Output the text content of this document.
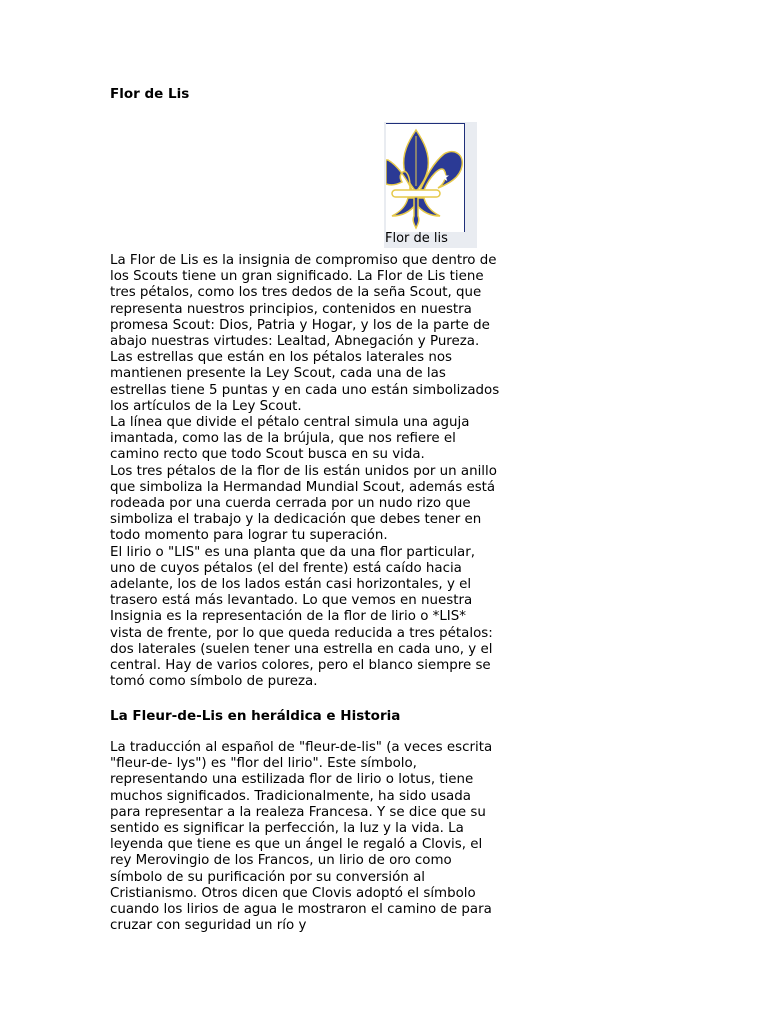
Flor de Lis
Flor de lis

La Flor de Lis es la insignia de compromiso que dentro de los Scouts tiene un gran significado. La Flor de Lis tiene tres pétalos, como los tres dedos de la seña Scout, que representa nuestros principios, contenidos en nuestra promesa Scout: Dios, Patria y Hogar, y los de la parte de abajo nuestras virtudes: Lealtad, Abnegación y Pureza.

Las estrellas que están en los pétalos laterales nos mantienen presente la Ley Scout, cada una de las estrellas tiene 5 puntas y en cada uno están simbolizados los artículos de la Ley Scout.

La línea que divide el pétalo central simula una aguja imantada, como las de la brújula, que nos refiere el camino recto que todo Scout busca en su vida.

Los tres pétalos de la flor de lis están unidos por un anillo que simboliza la Hermandad Mundial Scout, además está rodeada por una cuerda cerrada por un nudo rizo que simboliza el trabajo y la dedicación que debes tener en todo momento para lograr tu superación.

El lirio o "LIS" es una planta que da una flor particular, uno de cuyos pétalos (el del frente) está caído hacia adelante, los de los lados están casi horizontales, y el trasero está más levantado. Lo que vemos en nuestra Insignia es la representación de la flor de lirio o *LIS* vista de frente, por lo que queda reducida a tres pétalos: dos laterales (suelen tener una estrella en cada uno, y el central. Hay de varios colores, pero el blanco siempre se tomó como símbolo de pureza.

La Fleur-de-Lis en heráldica e Historia

La traducción al español de "fleur-de-lis" (a veces escrita "fleur-de- lys") es "flor del lirio". Este símbolo, representando una estilizada flor de lirio o lotus, tiene muchos significados. Tradicionalmente, ha sido usada para representar a la realeza Francesa. Y se dice que su sentido es significar la perfección, la luz y la vida. La leyenda que tiene es que un ángel le regaló a Clovis, el rey Merovingio de los Francos, un lirio de oro como símbolo de su purificación por su conversión al Cristianismo. Otros dicen que Clovis adoptó el símbolo cuando los lirios de agua le mostraron el camino de para cruzar con seguridad un río y
